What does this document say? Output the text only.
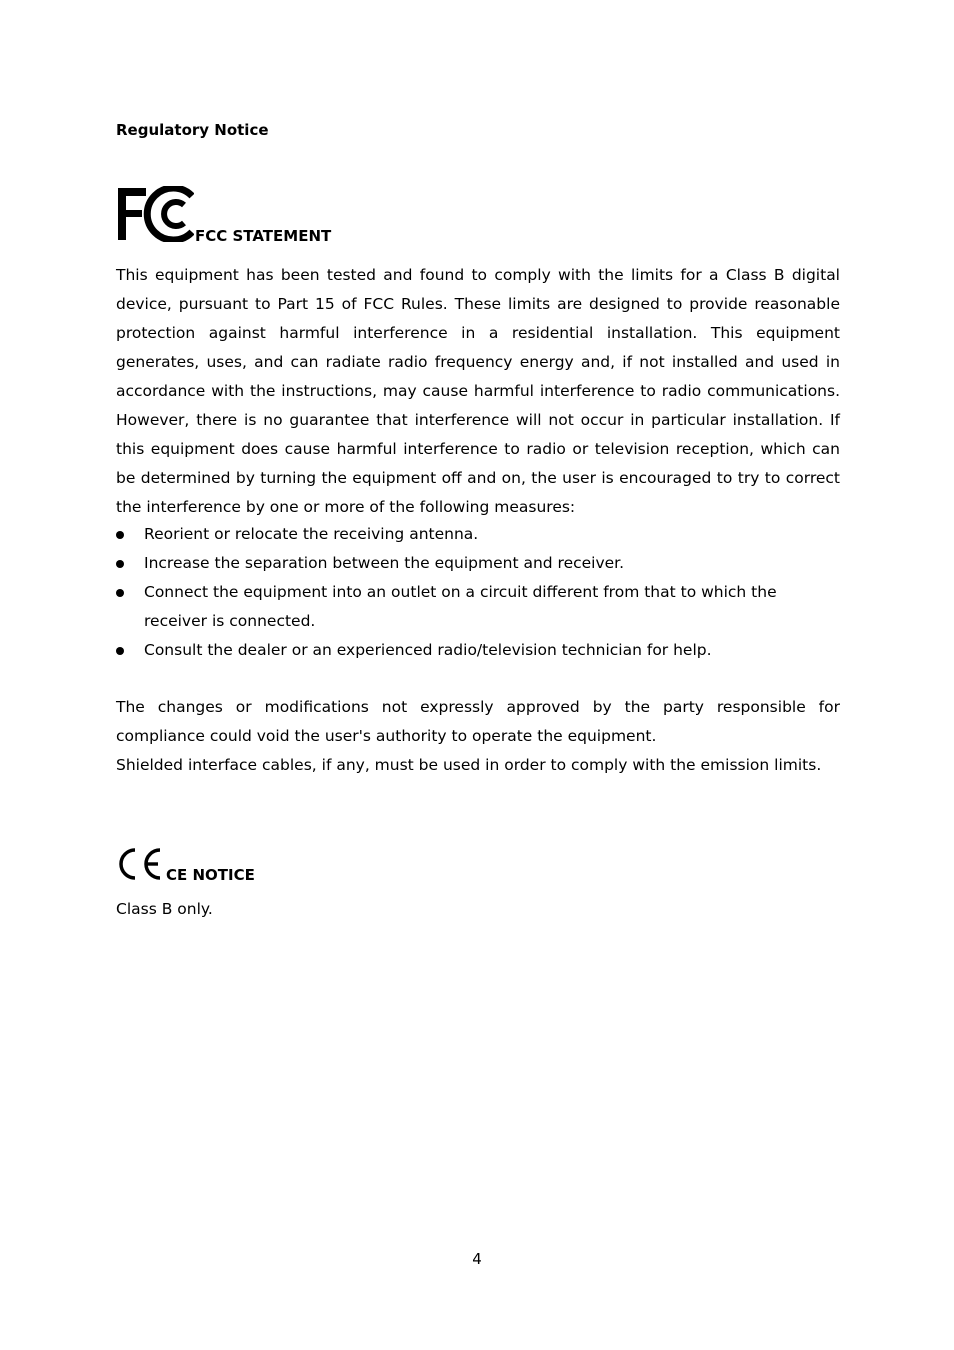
Regulatory Notice
FCC STATEMENT

This equipment has been tested and found to comply with the limits for a Class B digital device, pursuant to Part 15 of FCC Rules. These limits are designed to provide reasonable protection against harmful interference in a residential installation. This equipment generates, uses, and can radiate radio frequency energy and, if not installed and used in accordance with the instructions, may cause harmful interference to radio communications. However, there is no guarantee that interference will not occur in particular installation. If this equipment does cause harmful interference to radio or television reception, which can be determined by turning the equipment off and on, the user is encouraged to try to correct the interference by one or more of the following measures:

Reorient or relocate the receiving antenna.
Increase the separation between the equipment and receiver.
Connect the equipment into an outlet on a circuit different from that to which the receiver is connected.
Consult the dealer or an experienced radio/television technician for help.

The changes or modifications not expressly approved by the party responsible for compliance could void the user's authority to operate the equipment.

Shielded interface cables, if any, must be used in order to comply with the emission limits.

CE NOTICE
Class B only.
4
